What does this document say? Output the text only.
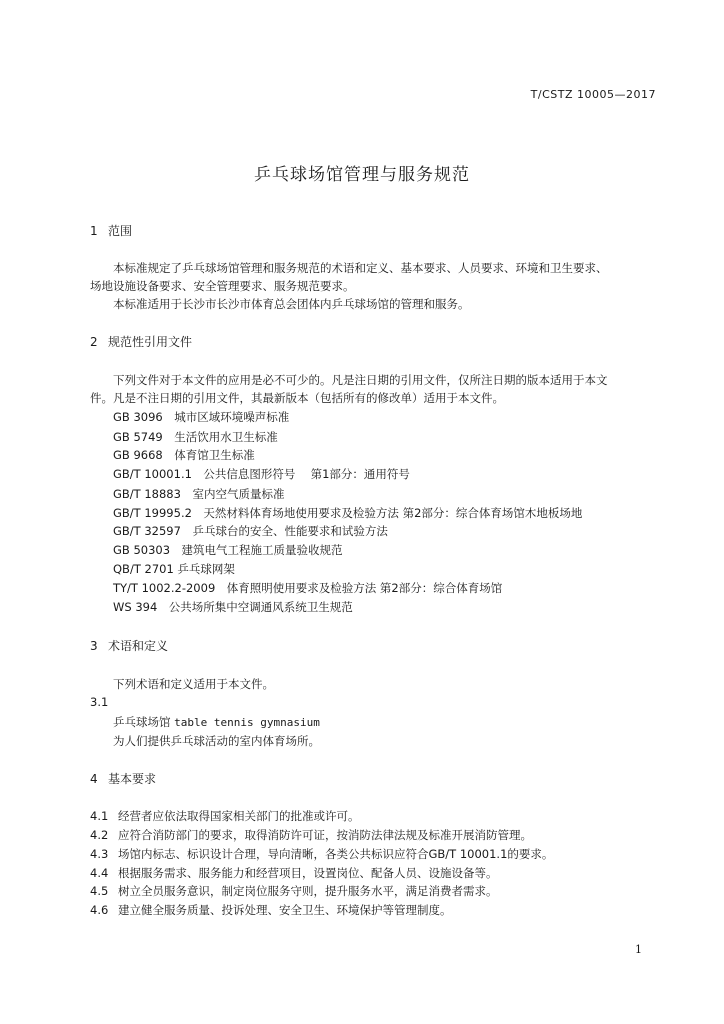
T/CSTZ 10005—2017
乒乓球场馆管理与服务规范
1 范围
本标准规定了乒乓球场馆管理和服务规范的术语和定义、基本要求、人员要求、环境和卫生要求、
场地设施设备要求、安全管理要求、服务规范要求。
本标准适用于长沙市长沙市体育总会团体内乒乓球场馆的管理和服务。
2 规范性引用文件
下列文件对于本文件的应用是必不可少的。凡是注日期的引用文件，仅所注日期的版本适用于本文
件。凡是不注日期的引用文件，其最新版本（包括所有的修改单）适用于本文件。
GB 3096　城市区域环境噪声标准
GB 5749　生活饮用水卫生标准
GB 9668　体育馆卫生标准
GB/T 10001.1　公共信息图形符号　 第1部分：通用符号
GB/T 18883　室内空气质量标准
GB/T 19995.2　天然材料体育场地使用要求及检验方法 第2部分：综合体育场馆木地板场地
GB/T 32597　乒乓球台的安全、性能要求和试验方法
GB 50303　建筑电气工程施工质量验收规范
QB/T 2701 乒乓球网架
TY/T 1002.2-2009　体育照明使用要求及检验方法 第2部分：综合体育场馆
WS 394　公共场所集中空调通风系统卫生规范
3 术语和定义
下列术语和定义适用于本文件。
3.1
乒乓球场馆 table tennis gymnasium
为人们提供乒乓球活动的室内体育场所。
4 基本要求
4.1 经营者应依法取得国家相关部门的批准或许可。
4.2 应符合消防部门的要求，取得消防许可证，按消防法律法规及标准开展消防管理。
4.3 场馆内标志、标识设计合理，导向清晰，各类公共标识应符合GB/T 10001.1的要求。
4.4 根据服务需求、服务能力和经营项目，设置岗位、配备人员、设施设备等。
4.5 树立全员服务意识，制定岗位服务守则，提升服务水平，满足消费者需求。
4.6 建立健全服务质量、投诉处理、安全卫生、环境保护等管理制度。
1
